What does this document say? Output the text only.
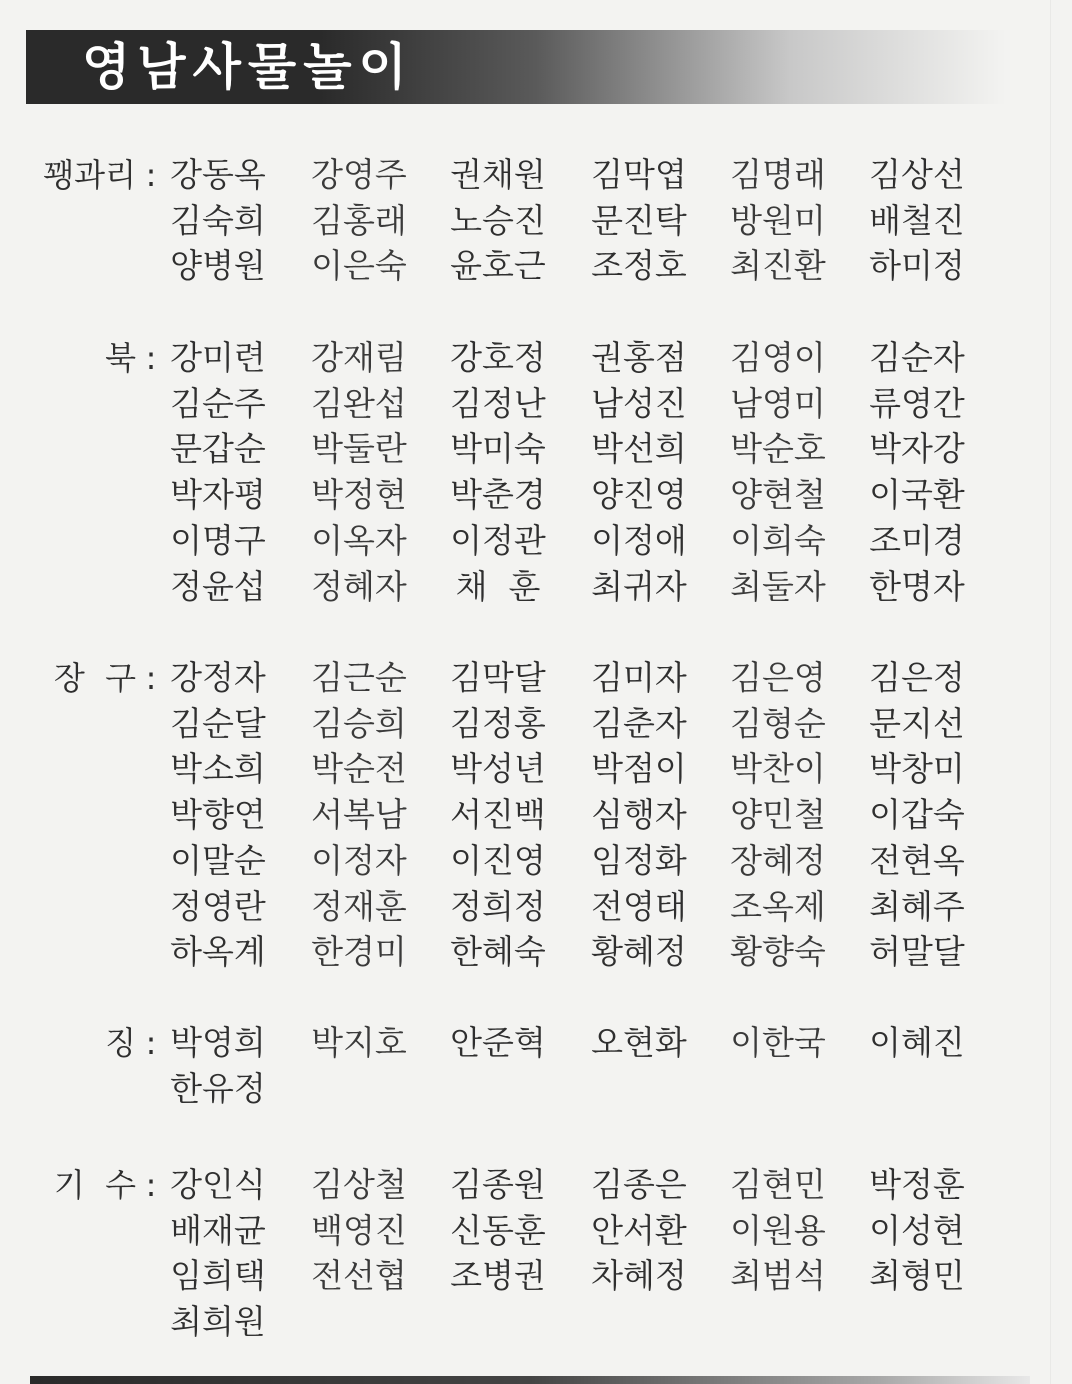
영남사물놀이
꽹과리 : 강동옥	강영주	권채원	김막엽	김명래	김상선
김숙희	김홍래	노승진	문진탁	방원미	배철진
양병원	이은숙	윤호근	조정호	최진환	하미정
북 : 강미련	강재림	강호정	권홍점	김영이	김순자
김순주	김완섭	김정난	남성진	남영미	류영간
문갑순	박둘란	박미숙	박선희	박순호	박자강
박자평	박정현	박춘경	양진영	양현철	이국환
이명구	이옥자	이정관	이정애	이희숙	조미경
정윤섭	정혜자	채  훈	최귀자	최둘자	한명자
장  구 : 강정자	김근순	김막달	김미자	김은영	김은정
김순달	김승희	김정홍	김춘자	김형순	문지선
박소희	박순전	박성년	박점이	박찬이	박창미
박향연	서복남	서진백	심행자	양민철	이갑숙
이말순	이정자	이진영	임정화	장혜정	전현옥
정영란	정재훈	정희정	전영태	조옥제	최혜주
하옥계	한경미	한혜숙	황혜정	황향숙	허말달
징 : 박영희	박지호	안준혁	오현화	이한국	이혜진
한유정
기  수 : 강인식	김상철	김종원	김종은	김현민	박정훈
배재균	백영진	신동훈	안서환	이원용	이성현
임희택	전선협	조병권	차혜정	최범석	최형민
최희원
